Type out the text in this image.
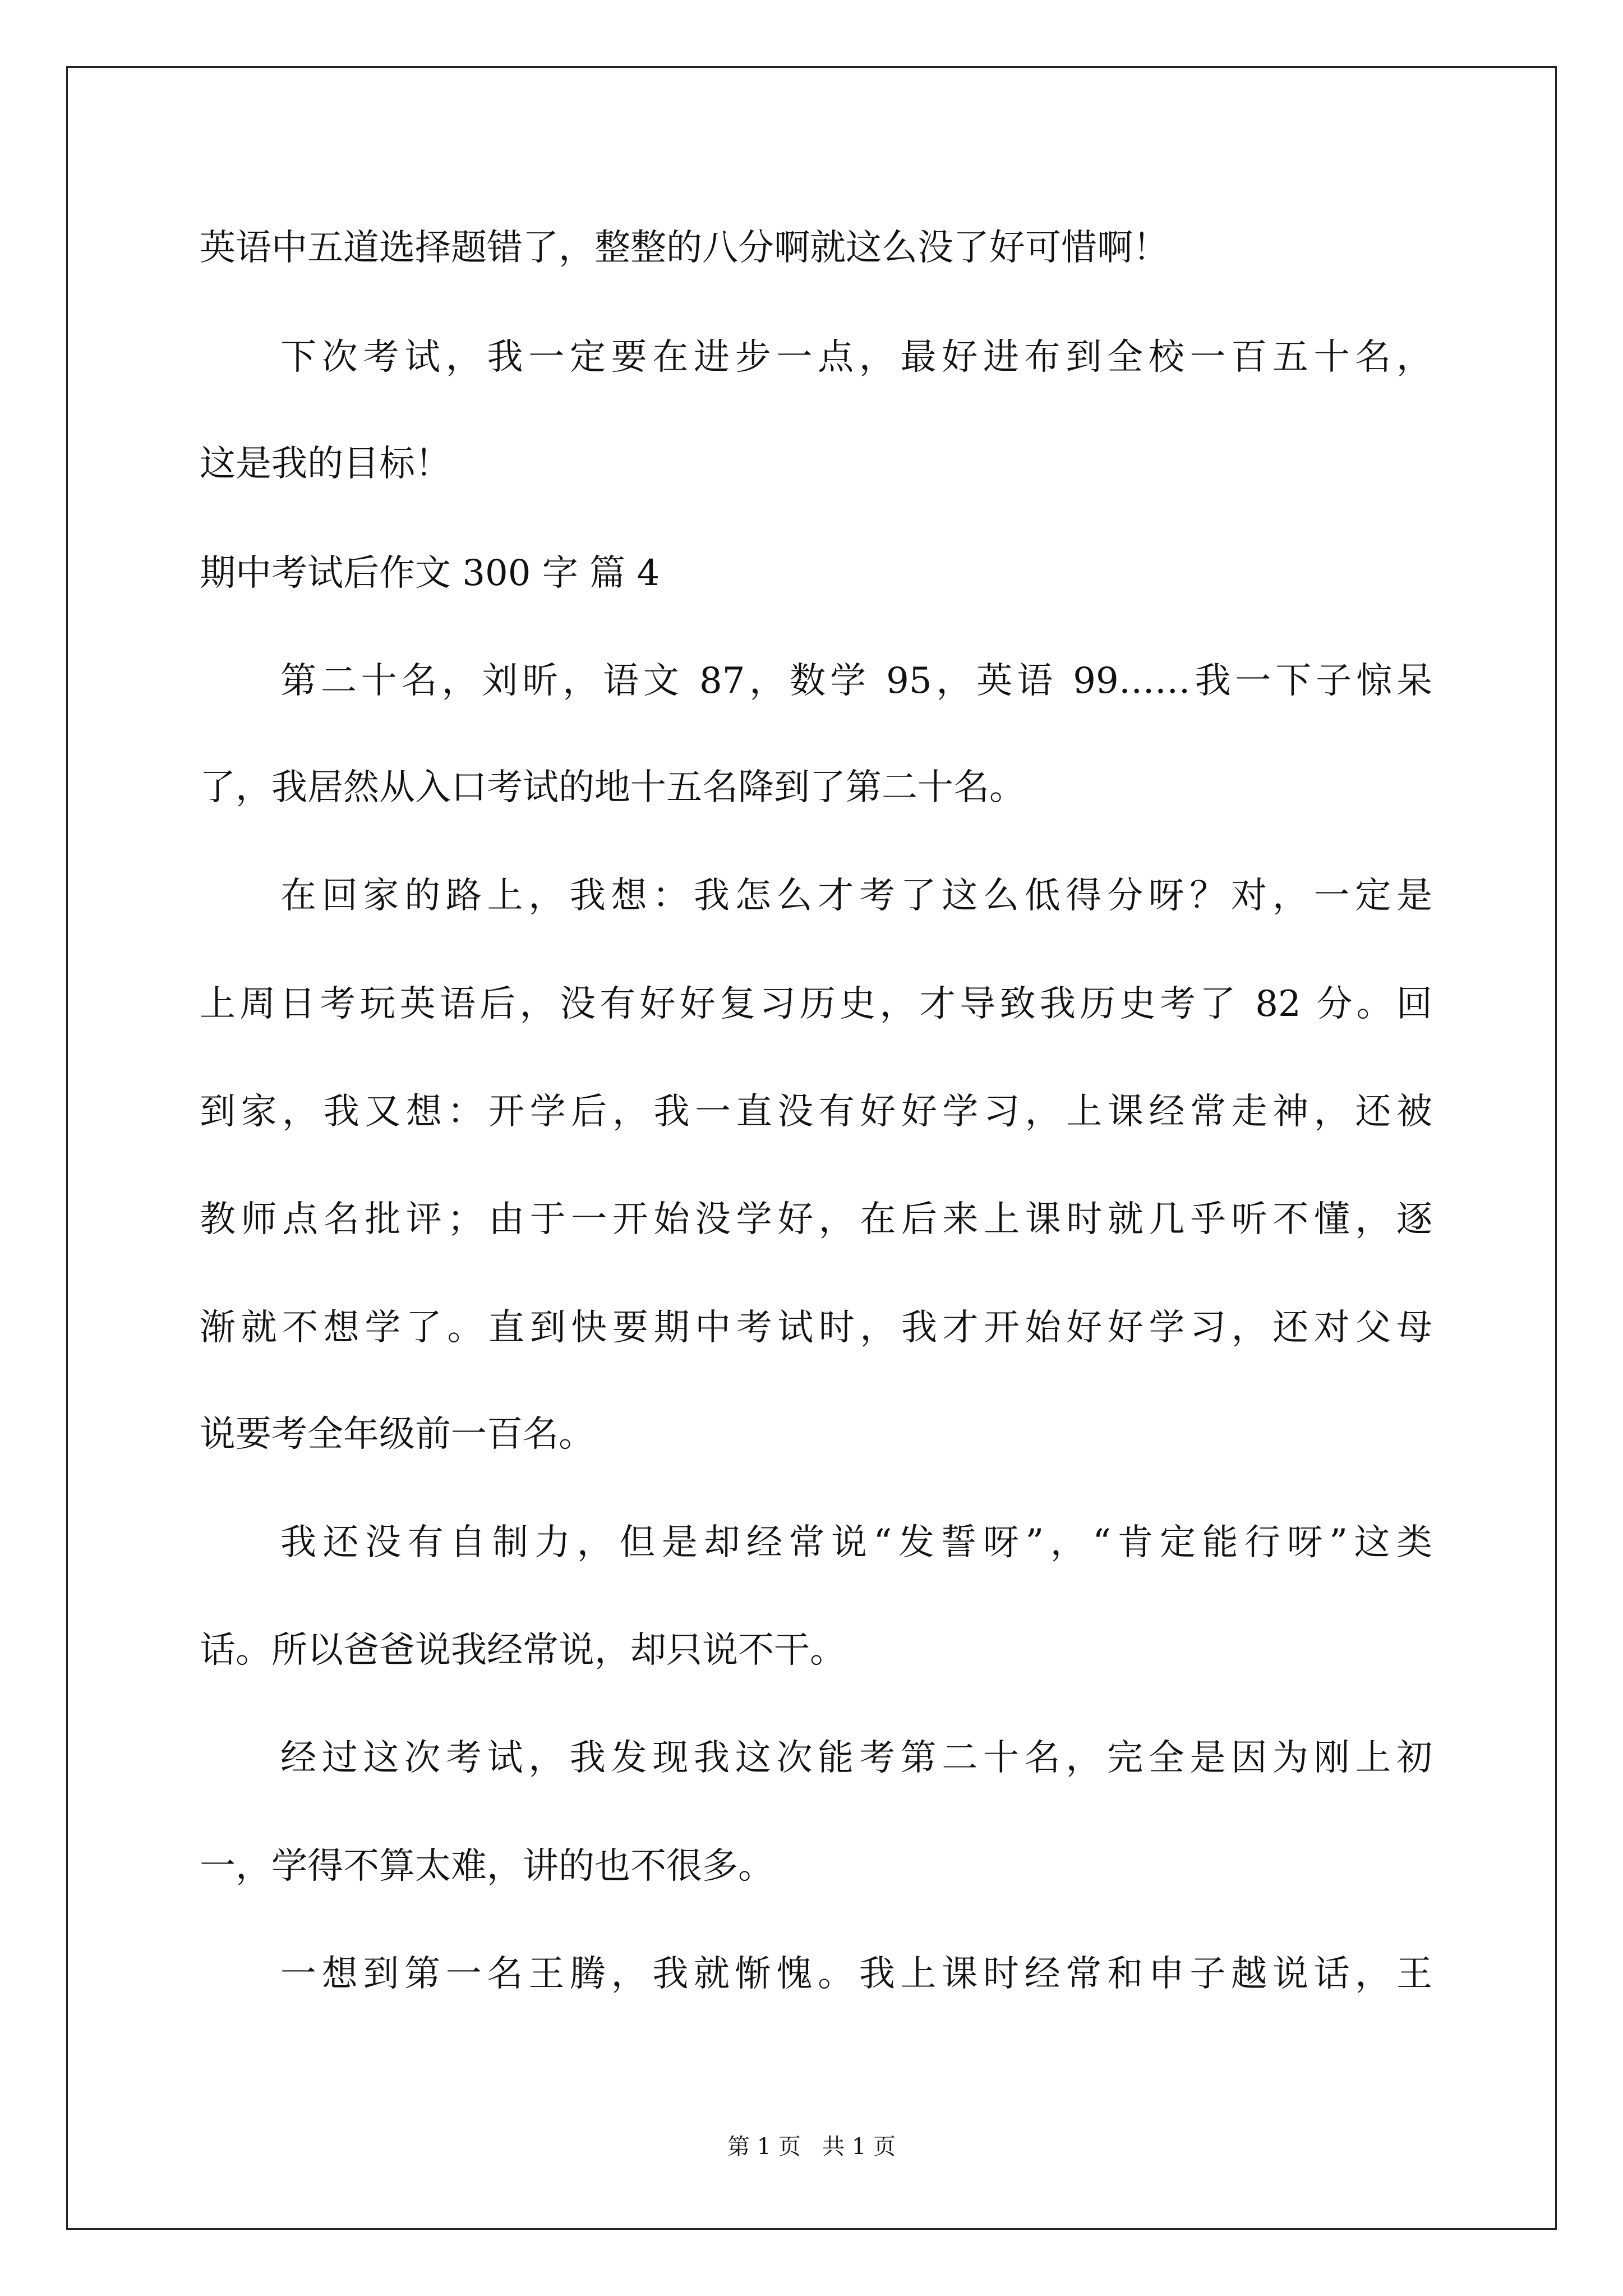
英语中五道选择题错了，整整的八分啊就这么没了好可惜啊！
下次考试，我一定要在进步一点，最好进布到全校一百五十名，
这是我的目标！
期中考试后作文 300 字 篇 4
第二十名，刘昕，语文 87，数学 95，英语 99……我一下子惊呆
了，我居然从入口考试的地十五名降到了第二十名。
在回家的路上，我想：我怎么才考了这么低得分呀？对，一定是
上周日考玩英语后，没有好好复习历史，才导致我历史考了 82 分。回
到家，我又想：开学后，我一直没有好好学习，上课经常走神，还被
教师点名批评；由于一开始没学好，在后来上课时就几乎听不懂，逐
渐就不想学了。直到快要期中考试时，我才开始好好学习，还对父母
说要考全年级前一百名。
我还没有自制力，但是却经常说“发誓呀”，“肯定能行呀”这类
话。所以爸爸说我经常说，却只说不干。
经过这次考试，我发现我这次能考第二十名，完全是因为刚上初
一，学得不算太难，讲的也不很多。
一想到第一名王腾，我就惭愧。我上课时经常和申子越说话，王
第 1 页   共 1 页
